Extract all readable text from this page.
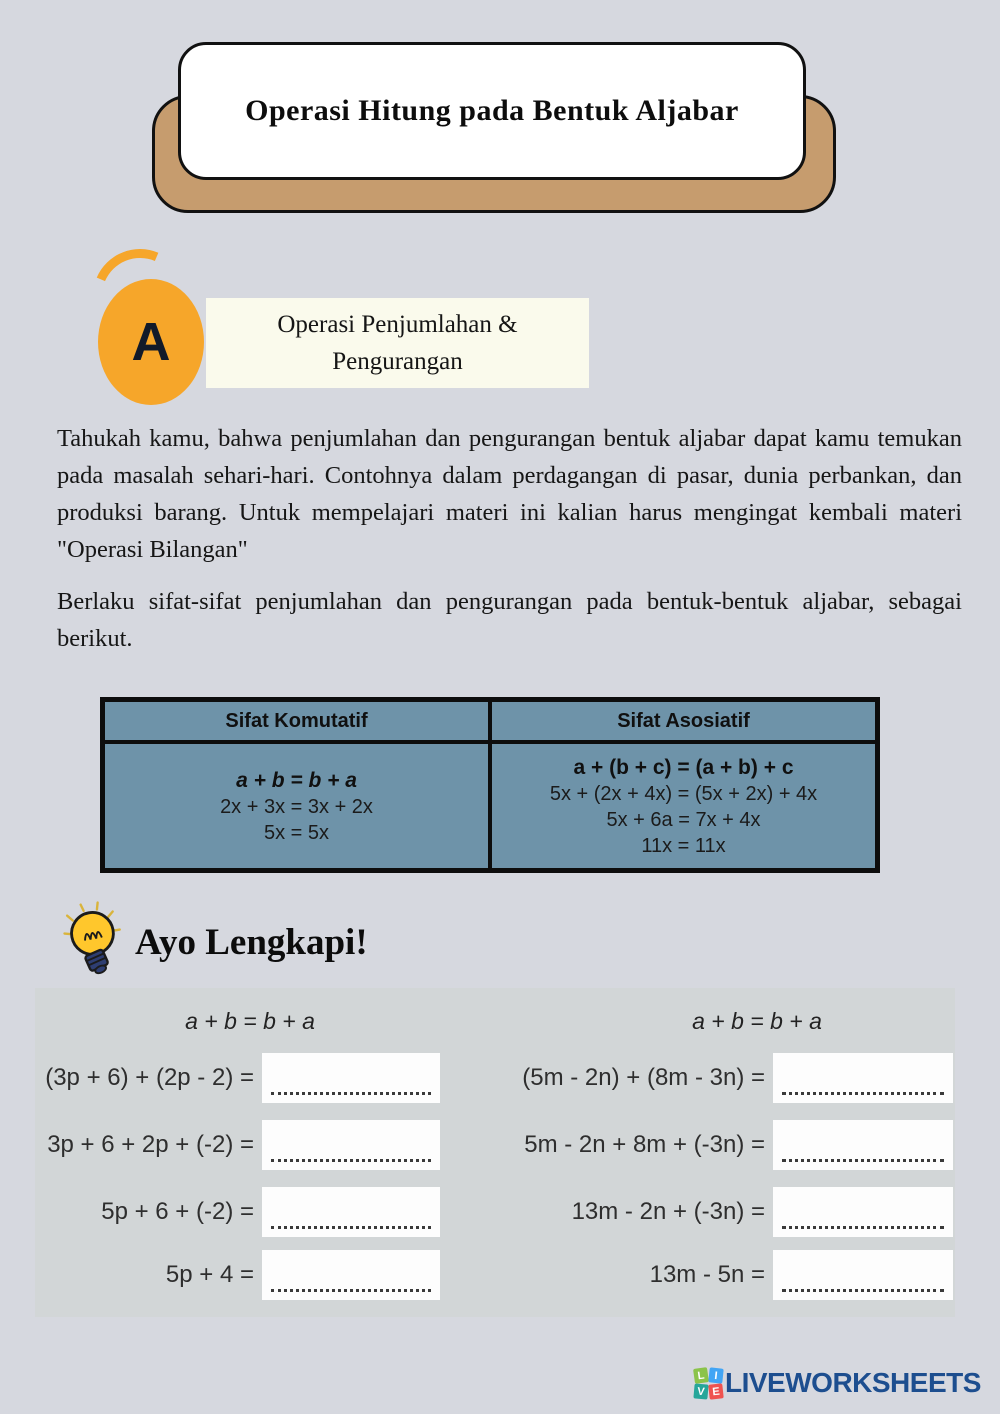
Operasi Hitung pada Bentuk Aljabar
A	Operasi Penjumlahan &
Pengurangan
Tahukah kamu, bahwa penjumlahan dan pengurangan bentuk aljabar dapat kamu temukan pada masalah sehari-hari. Contohnya dalam perdagangan di pasar, dunia perbankan, dan produksi barang. Untuk mempelajari materi ini kalian harus mengingat kembali materi "Operasi Bilangan"
Berlaku sifat-sifat penjumlahan dan pengurangan pada bentuk-bentuk aljabar, sebagai berikut.
Sifat Komutatif	Sifat Asosiatif
a + b = b + a
2x + 3x = 3x + 2x
5x = 5x
a + (b + c) = (a + b) + c
5x + (2x + 4x) = (5x + 2x) + 4x
5x + 6a = 7x + 4x
11x = 11x
Ayo Lengkapi!
a + b = b + a
(3p + 6) + (2p - 2) =
3p + 6 + 2p + (-2) =
5p + 6 + (-2) =
5p + 4 =
a + b = b + a
(5m - 2n) + (8m - 3n) =
5m - 2n + 8m + (-3n) =
13m - 2n + (-3n) =
13m - 5n =
L I
V E LIVEWORKSHEETS
